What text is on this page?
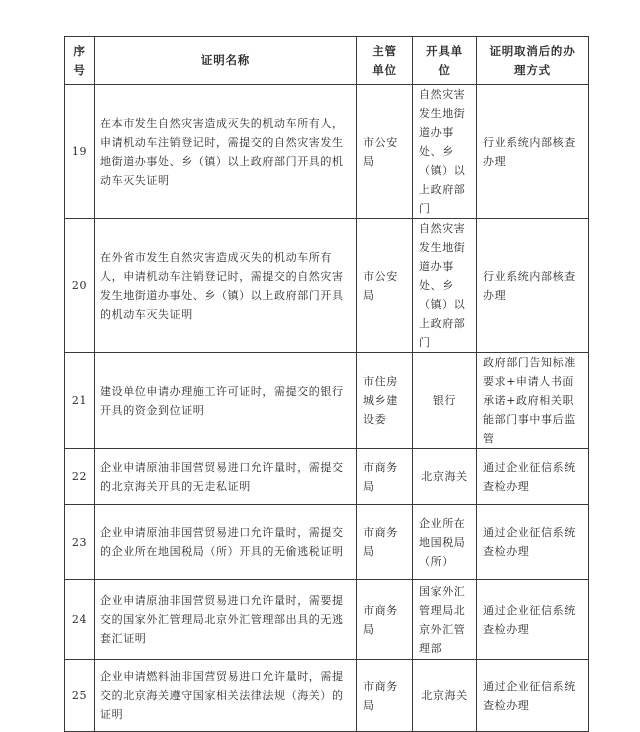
序号	证明名称	主管单位	开具单位	证明取消后的办理方式
19	在本市发生自然灾害造成灭失的机动车所有人，申请机动车注销登记时，需提交的自然灾害发生地街道办事处、乡（镇）以上政府部门开具的机动车灭失证明	市公安局	自然灾害发生地街道办事处、乡（镇）以上政府部门	行业系统内部核查办理
20	在外省市发生自然灾害造成灭失的机动车所有人，申请机动车注销登记时，需提交的自然灾害发生地街道办事处、乡（镇）以上政府部门开具的机动车灭失证明	市公安局	自然灾害发生地街道办事处、乡（镇）以上政府部门	行业系统内部核查办理
21	建设单位申请办理施工许可证时，需提交的银行开具的资金到位证明	市住房城乡建设委	银行	政府部门告知标准要求+申请人书面承诺+政府相关职能部门事中事后监管
22	企业申请原油非国营贸易进口允许量时，需提交的北京海关开具的无走私证明	市商务局	北京海关	通过企业征信系统查检办理
23	企业申请原油非国营贸易进口允许量时，需提交的企业所在地国税局（所）开具的无偷逃税证明	市商务局	企业所在地国税局（所）	通过企业征信系统查检办理
24	企业申请原油非国营贸易进口允许量时，需要提交的国家外汇管理局北京外汇管理部出具的无逃套汇证明	市商务局	国家外汇管理局北京外汇管理部	通过企业征信系统查检办理
25	企业申请燃料油非国营贸易进口允许量时，需提交的北京海关遵守国家相关法律法规（海关）的证明	市商务局	北京海关	通过企业征信系统查检办理
